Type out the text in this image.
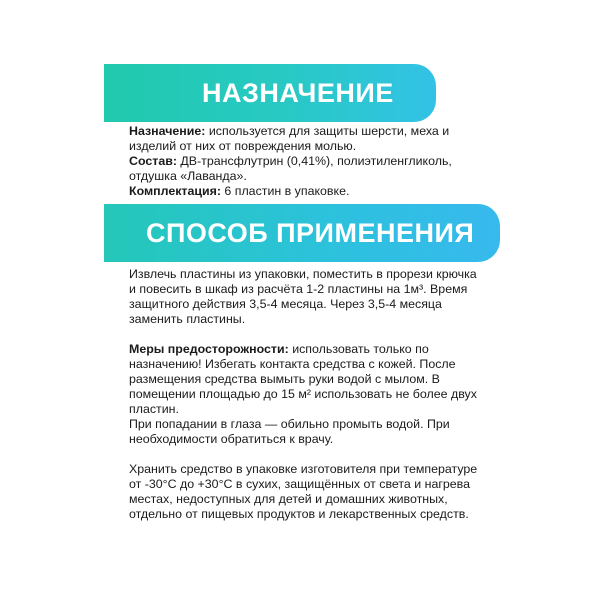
НАЗНАЧЕНИЕ

Назначение: используется для защиты шерсти, меха и изделий от них от повреждения молью.

Состав: ДВ-трансфлутрин (0,41%), полиэтиленгликоль, отдушка «Лаванда».

Комплектация: 6 пластин в упаковке.

СПОСОБ ПРИМЕНЕНИЯ

Извлечь пластины из упаковки, поместить в прорези крючка и повесить в шкаф из расчёта 1-2 пластины на 1м³. Время защитного действия 3,5-4 месяца. Через 3,5-4 месяца заменить пластины.

Меры предосторожности: использовать только по назначению! Избегать контакта средства с кожей. После размещения средства вымыть руки водой с мылом. В помещении площадью до 15 м² использовать не более двух пластин.

При попадании в глаза — обильно промыть водой. При необходимости обратиться к врачу.

Хранить средство в упаковке изготовителя при температуре от -30°C до +30°C в сухих, защищённых от света и нагрева местах, недоступных для детей и домашних животных, отдельно от пищевых продуктов и лекарственных средств.
